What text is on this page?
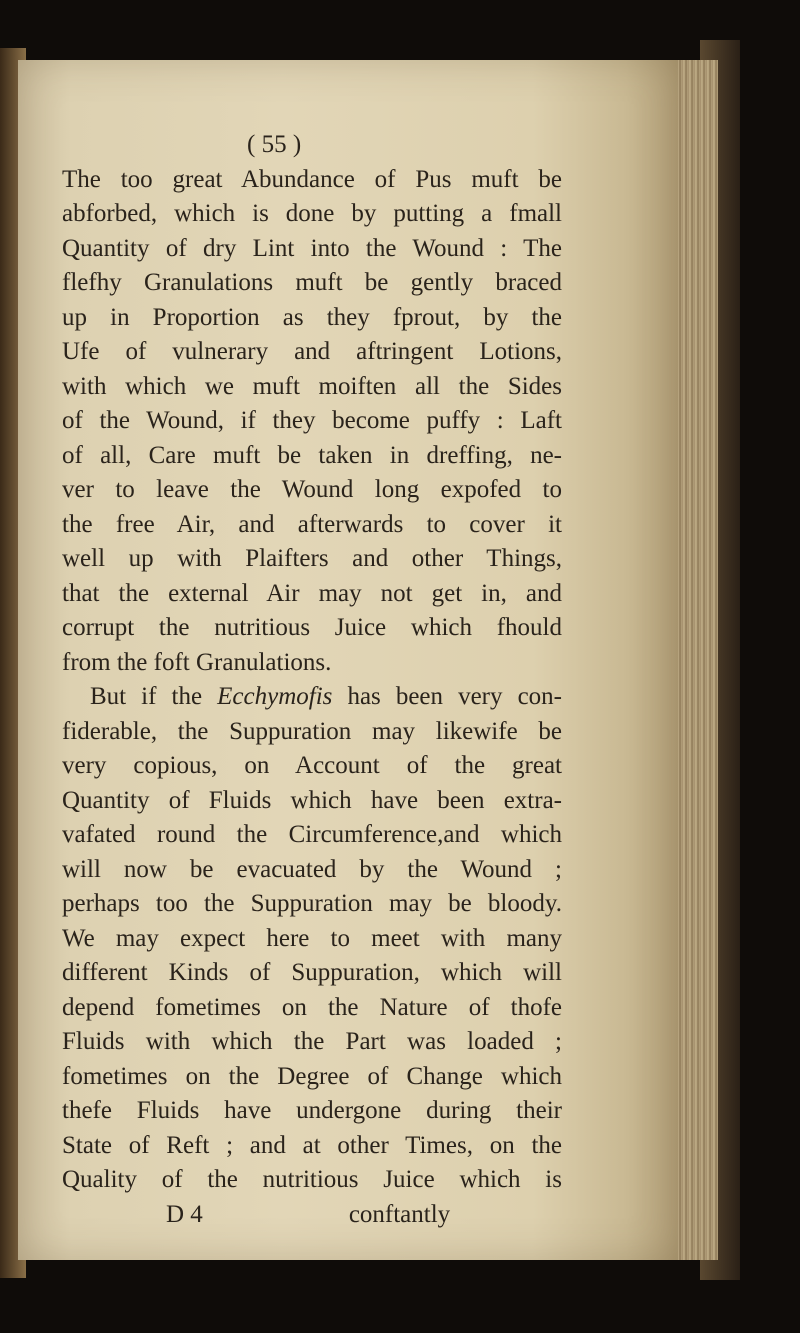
( 55 )
The too great Abundance of Pus muft be
abforbed, which is done by putting a fmall
Quantity of dry Lint into the Wound : The
flefhy Granulations muft be gently braced
up in Proportion as they fprout, by the
Ufe of vulnerary and aftringent Lotions,
with which we muft moiften all the Sides
of the Wound, if they become puffy : Laft
of all, Care muft be taken in dreffing, ne-
ver to leave the Wound long expofed to
the free Air, and afterwards to cover it
well up with Plaifters and other Things,
that the external Air may not get in, and
corrupt the nutritious Juice which fhould
from the foft Granulations.
But if the Ecchymofis has been very con-
fiderable, the Suppuration may likewife be
very copious, on Account of the great
Quantity of Fluids which have been extra-
vafated round the Circumference,and which
will now be evacuated by the Wound ;
perhaps too the Suppuration may be bloody.
We may expect here to meet with many
different Kinds of Suppuration, which will
depend fometimes on the Nature of thofe
Fluids with which the Part was loaded ;
fometimes on the Degree of Change which
thefe Fluids have undergone during their
State of Reft ; and at other Times, on the
Quality of the nutritious Juice which is
D 4	conftantly
